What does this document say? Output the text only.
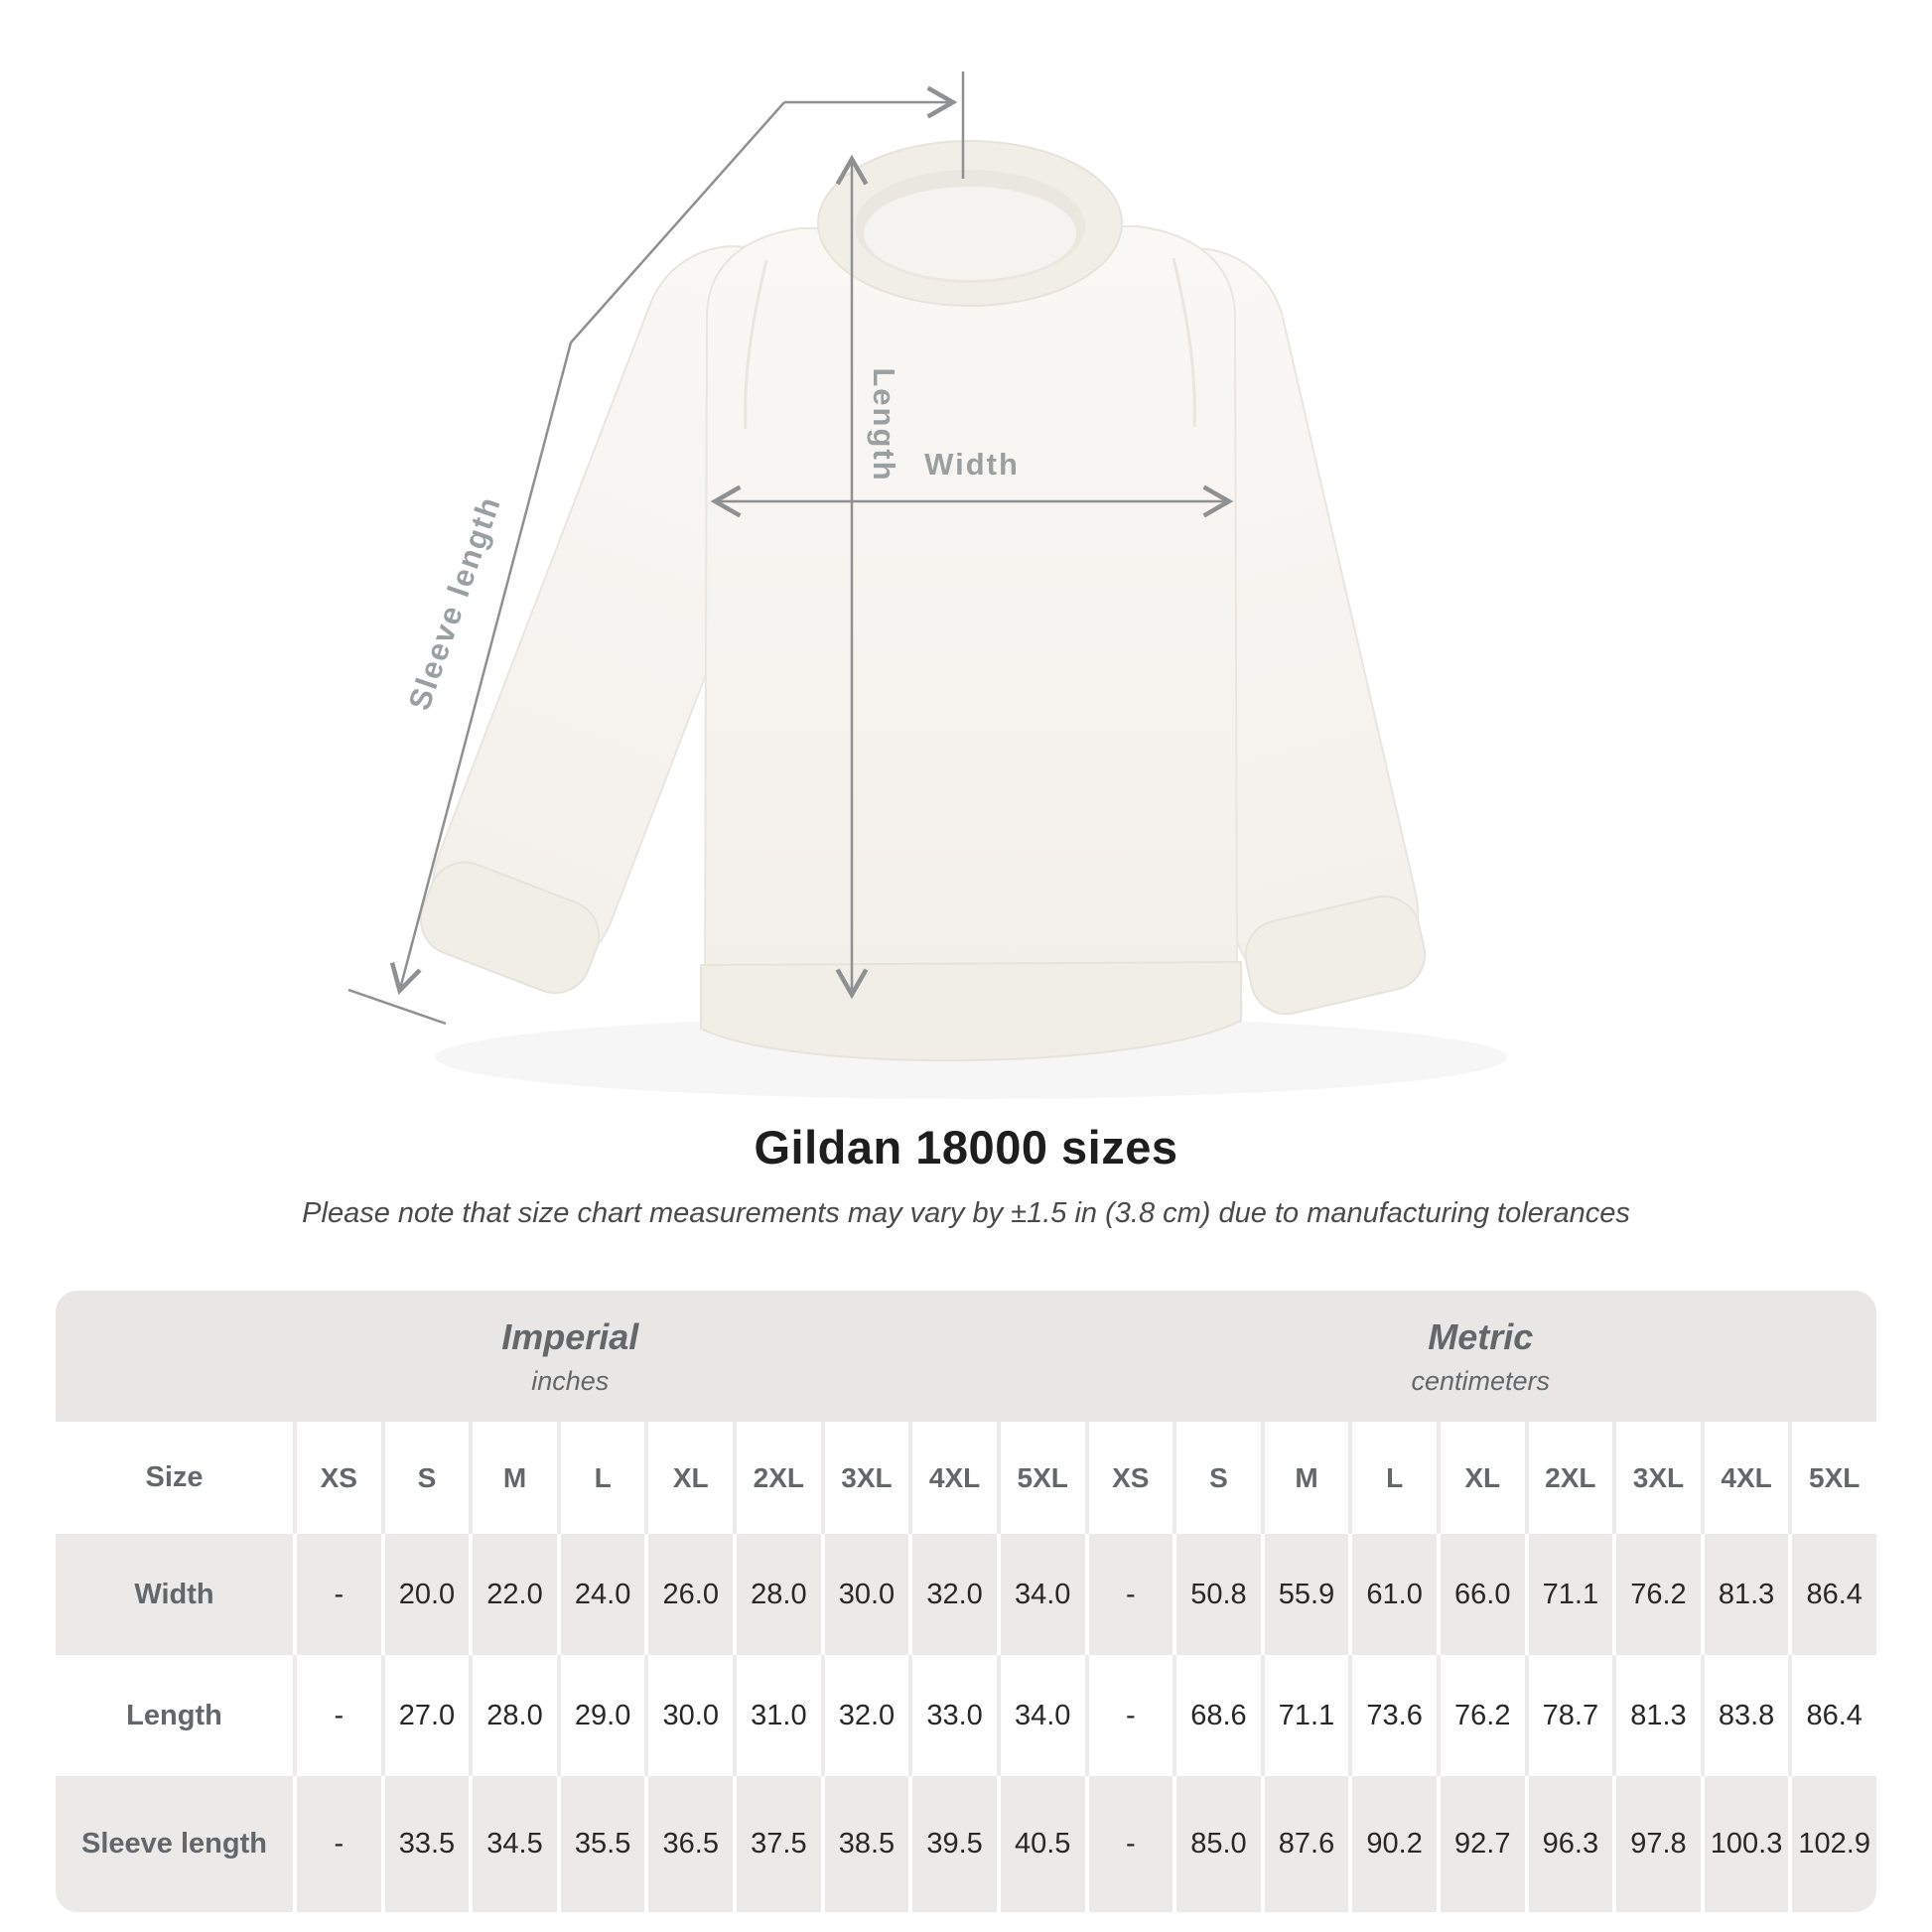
Length Width
Sleeve length
Gildan 18000 sizes

Please note that size chart measurements may vary by ±1.5 in (3.8 cm) due to manufacturing tolerances

Imperial
inches
Metric
centimeters
Size	XS	S	M	L	XL	2XL	3XL	4XL	5XL	XS	S	M	L	XL	2XL	3XL	4XL	5XL
Width	-	20.0	22.0	24.0	26.0	28.0	30.0	32.0	34.0	-	50.8	55.9	61.0	66.0	71.1	76.2	81.3	86.4
Length	-	27.0	28.0	29.0	30.0	31.0	32.0	33.0	34.0	-	68.6	71.1	73.6	76.2	78.7	81.3	83.8	86.4
Sleeve length	-	33.5	34.5	35.5	36.5	37.5	38.5	39.5	40.5	-	85.0	87.6	90.2	92.7	96.3	97.8 100.3 102.9
